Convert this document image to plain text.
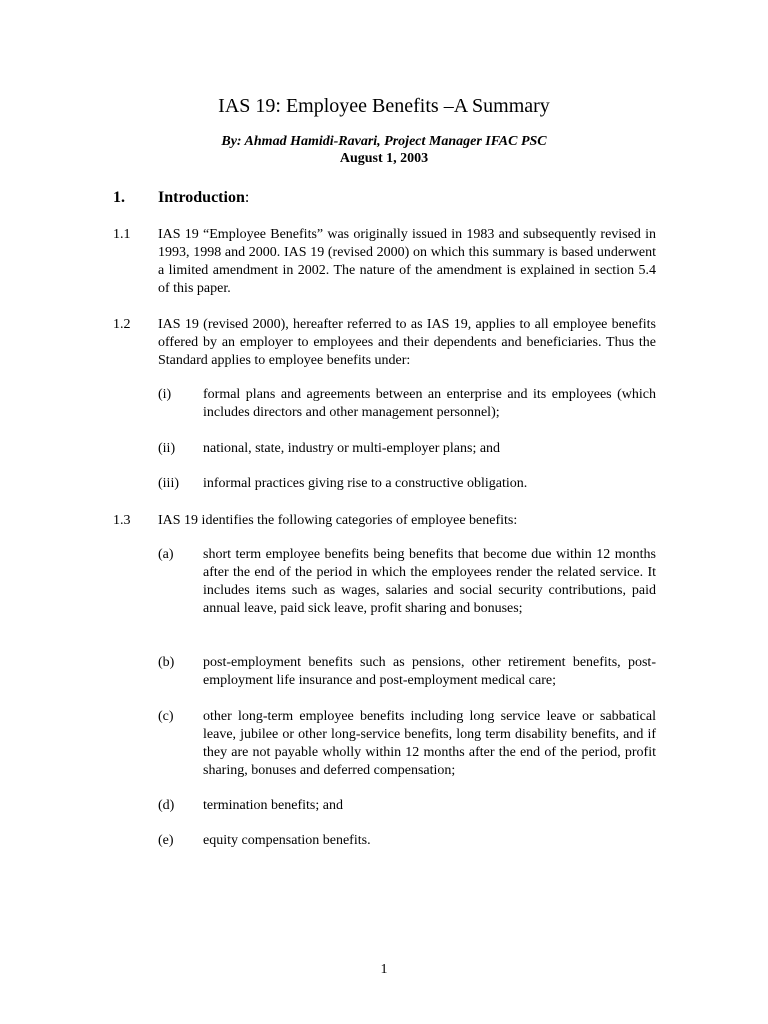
IAS 19: Employee Benefits –A Summary
By: Ahmad Hamidi-Ravari, Project Manager IFAC PSC
August 1, 2003
1. Introduction:
1.1 IAS 19 “Employee Benefits” was originally issued in 1983 and subsequently revised in 1993, 1998 and 2000. IAS 19 (revised 2000) on which this summary is based underwent a limited amendment in 2002. The nature of the amendment is explained in section 5.4 of this paper.
1.2 IAS 19 (revised 2000), hereafter referred to as IAS 19, applies to all employee benefits offered by an employer to employees and their dependents and beneficiaries. Thus the Standard applies to employee benefits under:
(i) formal plans and agreements between an enterprise and its employees (which includes directors and other management personnel);
(ii) national, state, industry or multi-employer plans; and
(iii) informal practices giving rise to a constructive obligation.
1.3 IAS 19 identifies the following categories of employee benefits:
(a) short term employee benefits being benefits that become due within 12 months after the end of the period in which the employees render the related service. It includes items such as wages, salaries and social security contributions, paid annual leave, paid sick leave, profit sharing and bonuses;
(b) post-employment benefits such as pensions, other retirement benefits, post-employment life insurance and post-employment medical care;
(c) other long-term employee benefits including long service leave or sabbatical leave, jubilee or other long-service benefits, long term disability benefits, and if they are not payable wholly within 12 months after the end of the period, profit sharing, bonuses and deferred compensation;
(d) termination benefits; and
(e) equity compensation benefits.
1
